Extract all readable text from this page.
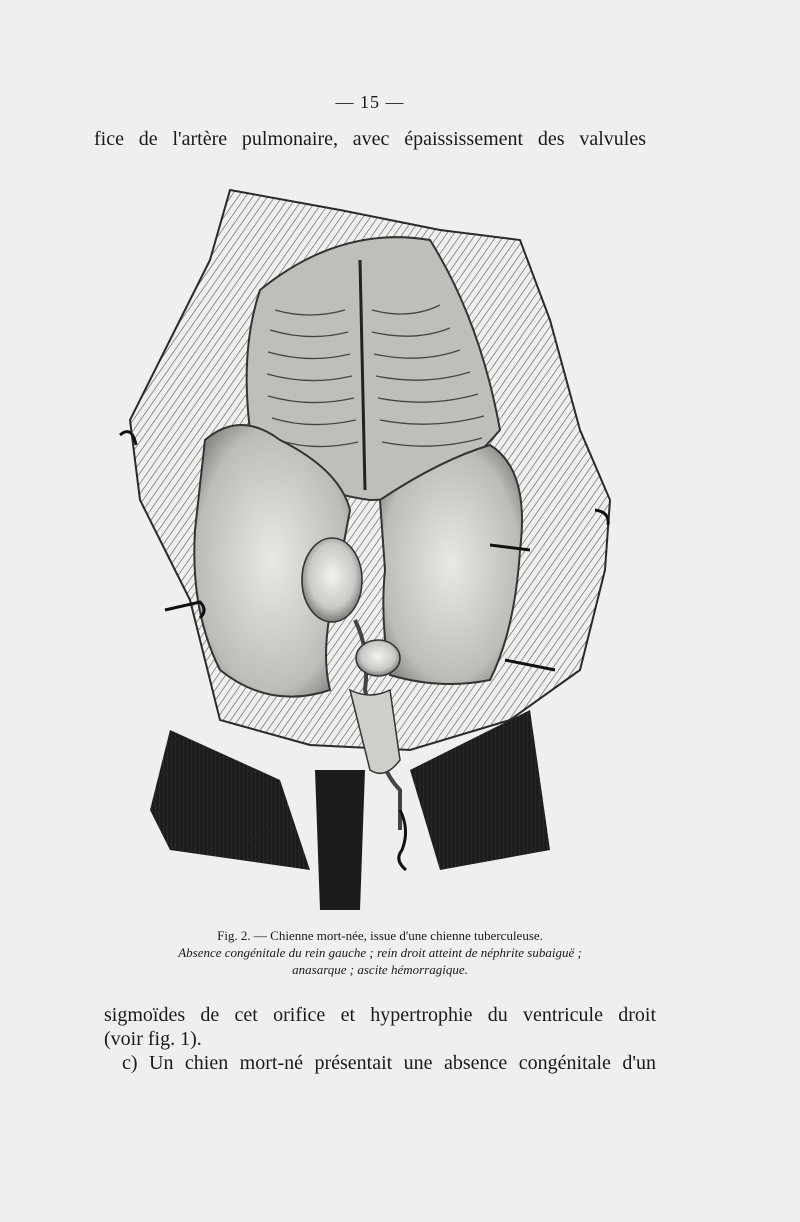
— 15 —
fice de l'artère pulmonaire, avec épaississement des valvules
Leuducoh
Fig. 2. — Chienne mort-née, issue d'une chienne tuberculeuse.
Absence congénitale du rein gauche ; rein droit atteint de néphrite subaiguë ;
anasarque ; ascite hémorragique.
sigmoïdes de cet orifice et hypertrophie du ventricule droit
(voir fig. 1).
c) Un chien mort-né présentait une absence congénitale d'un
